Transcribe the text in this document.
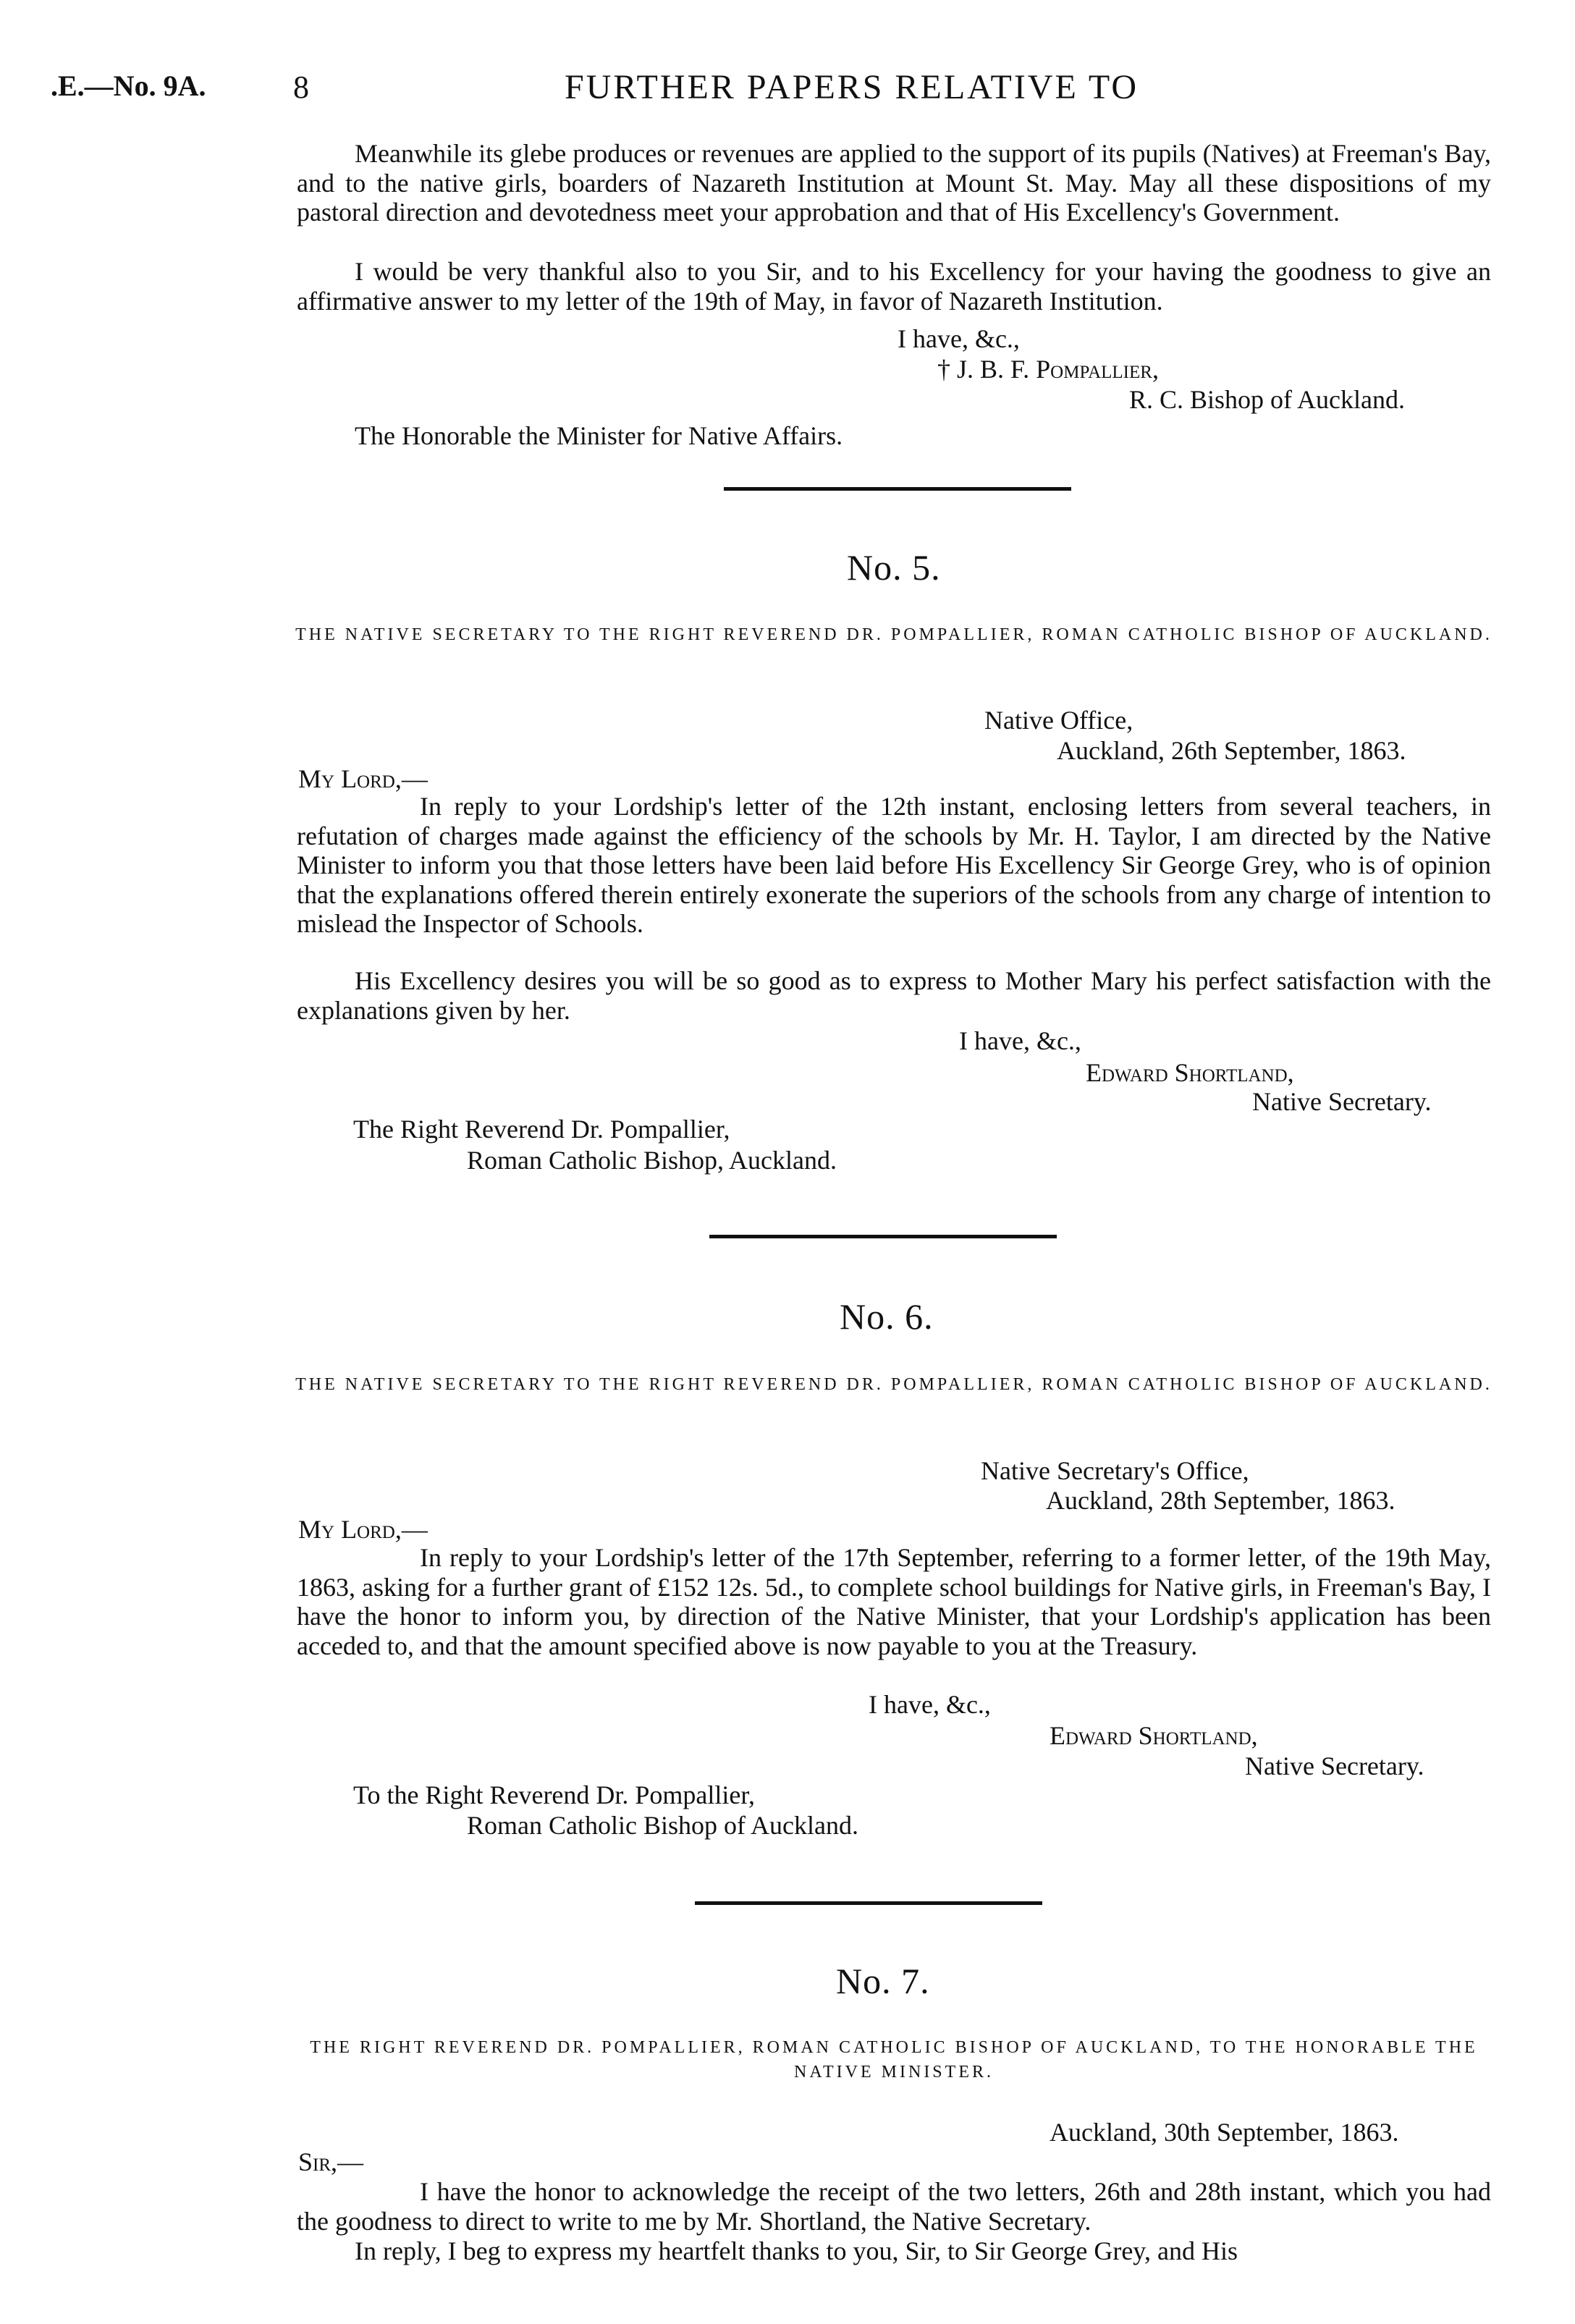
.E.—No. 9A.	8	FURTHER PAPERS RELATIVE TO
Meanwhile its glebe produces or revenues are applied to the support of its pupils (Natives) at Freeman's Bay, and to the native girls, boarders of Nazareth Institution at Mount St. May. May all these dispositions of my pastoral direction and devotedness meet your approbation and that of His Excellency's Government.
I would be very thankful also to you Sir, and to his Excellency for your having the goodness to give an affirmative answer to my letter of the 19th of May, in favor of Nazareth Institution.
I have, &c.,
† J. B. F. Pompallier,
R. C. Bishop of Auckland.
The Honorable the Minister for Native Affairs.
No. 5.
THE NATIVE SECRETARY TO THE RIGHT REVEREND DR. POMPALLIER, ROMAN CATHOLIC BISHOP OF AUCKLAND.
Native Office,
Auckland, 26th September, 1863.
My Lord,—
In reply to your Lordship's letter of the 12th instant, enclosing letters from several teachers, in refutation of charges made against the efficiency of the schools by Mr. H. Taylor, I am directed by the Native Minister to inform you that those letters have been laid before His Excellency Sir George Grey, who is of opinion that the explanations offered therein entirely exonerate the superiors of the schools from any charge of intention to mislead the Inspector of Schools.
His Excellency desires you will be so good as to express to Mother Mary his perfect satisfaction with the explanations given by her.
I have, &c.,
Edward Shortland,
Native Secretary.
The Right Reverend Dr. Pompallier,
Roman Catholic Bishop, Auckland.
No. 6.
THE NATIVE SECRETARY TO THE RIGHT REVEREND DR. POMPALLIER, ROMAN CATHOLIC BISHOP OF AUCKLAND.
Native Secretary's Office,
Auckland, 28th September, 1863.
My Lord,—
In reply to your Lordship's letter of the 17th September, referring to a former letter, of the 19th May, 1863, asking for a further grant of £152 12s. 5d., to complete school buildings for Native girls, in Freeman's Bay, I have the honor to inform you, by direction of the Native Minister, that your Lordship's application has been acceded to, and that the amount specified above is now payable to you at the Treasury.
I have, &c.,
Edward Shortland,
Native Secretary.
To the Right Reverend Dr. Pompallier,
Roman Catholic Bishop of Auckland.
No. 7.
THE RIGHT REVEREND DR. POMPALLIER, ROMAN CATHOLIC BISHOP OF AUCKLAND, TO THE HONORABLE THE NATIVE MINISTER.
Auckland, 30th September, 1863.
Sir,—
I have the honor to acknowledge the receipt of the two letters, 26th and 28th instant, which you had the goodness to direct to write to me by Mr. Shortland, the Native Secretary.
In reply, I beg to express my heartfelt thanks to you, Sir, to Sir George Grey, and His
